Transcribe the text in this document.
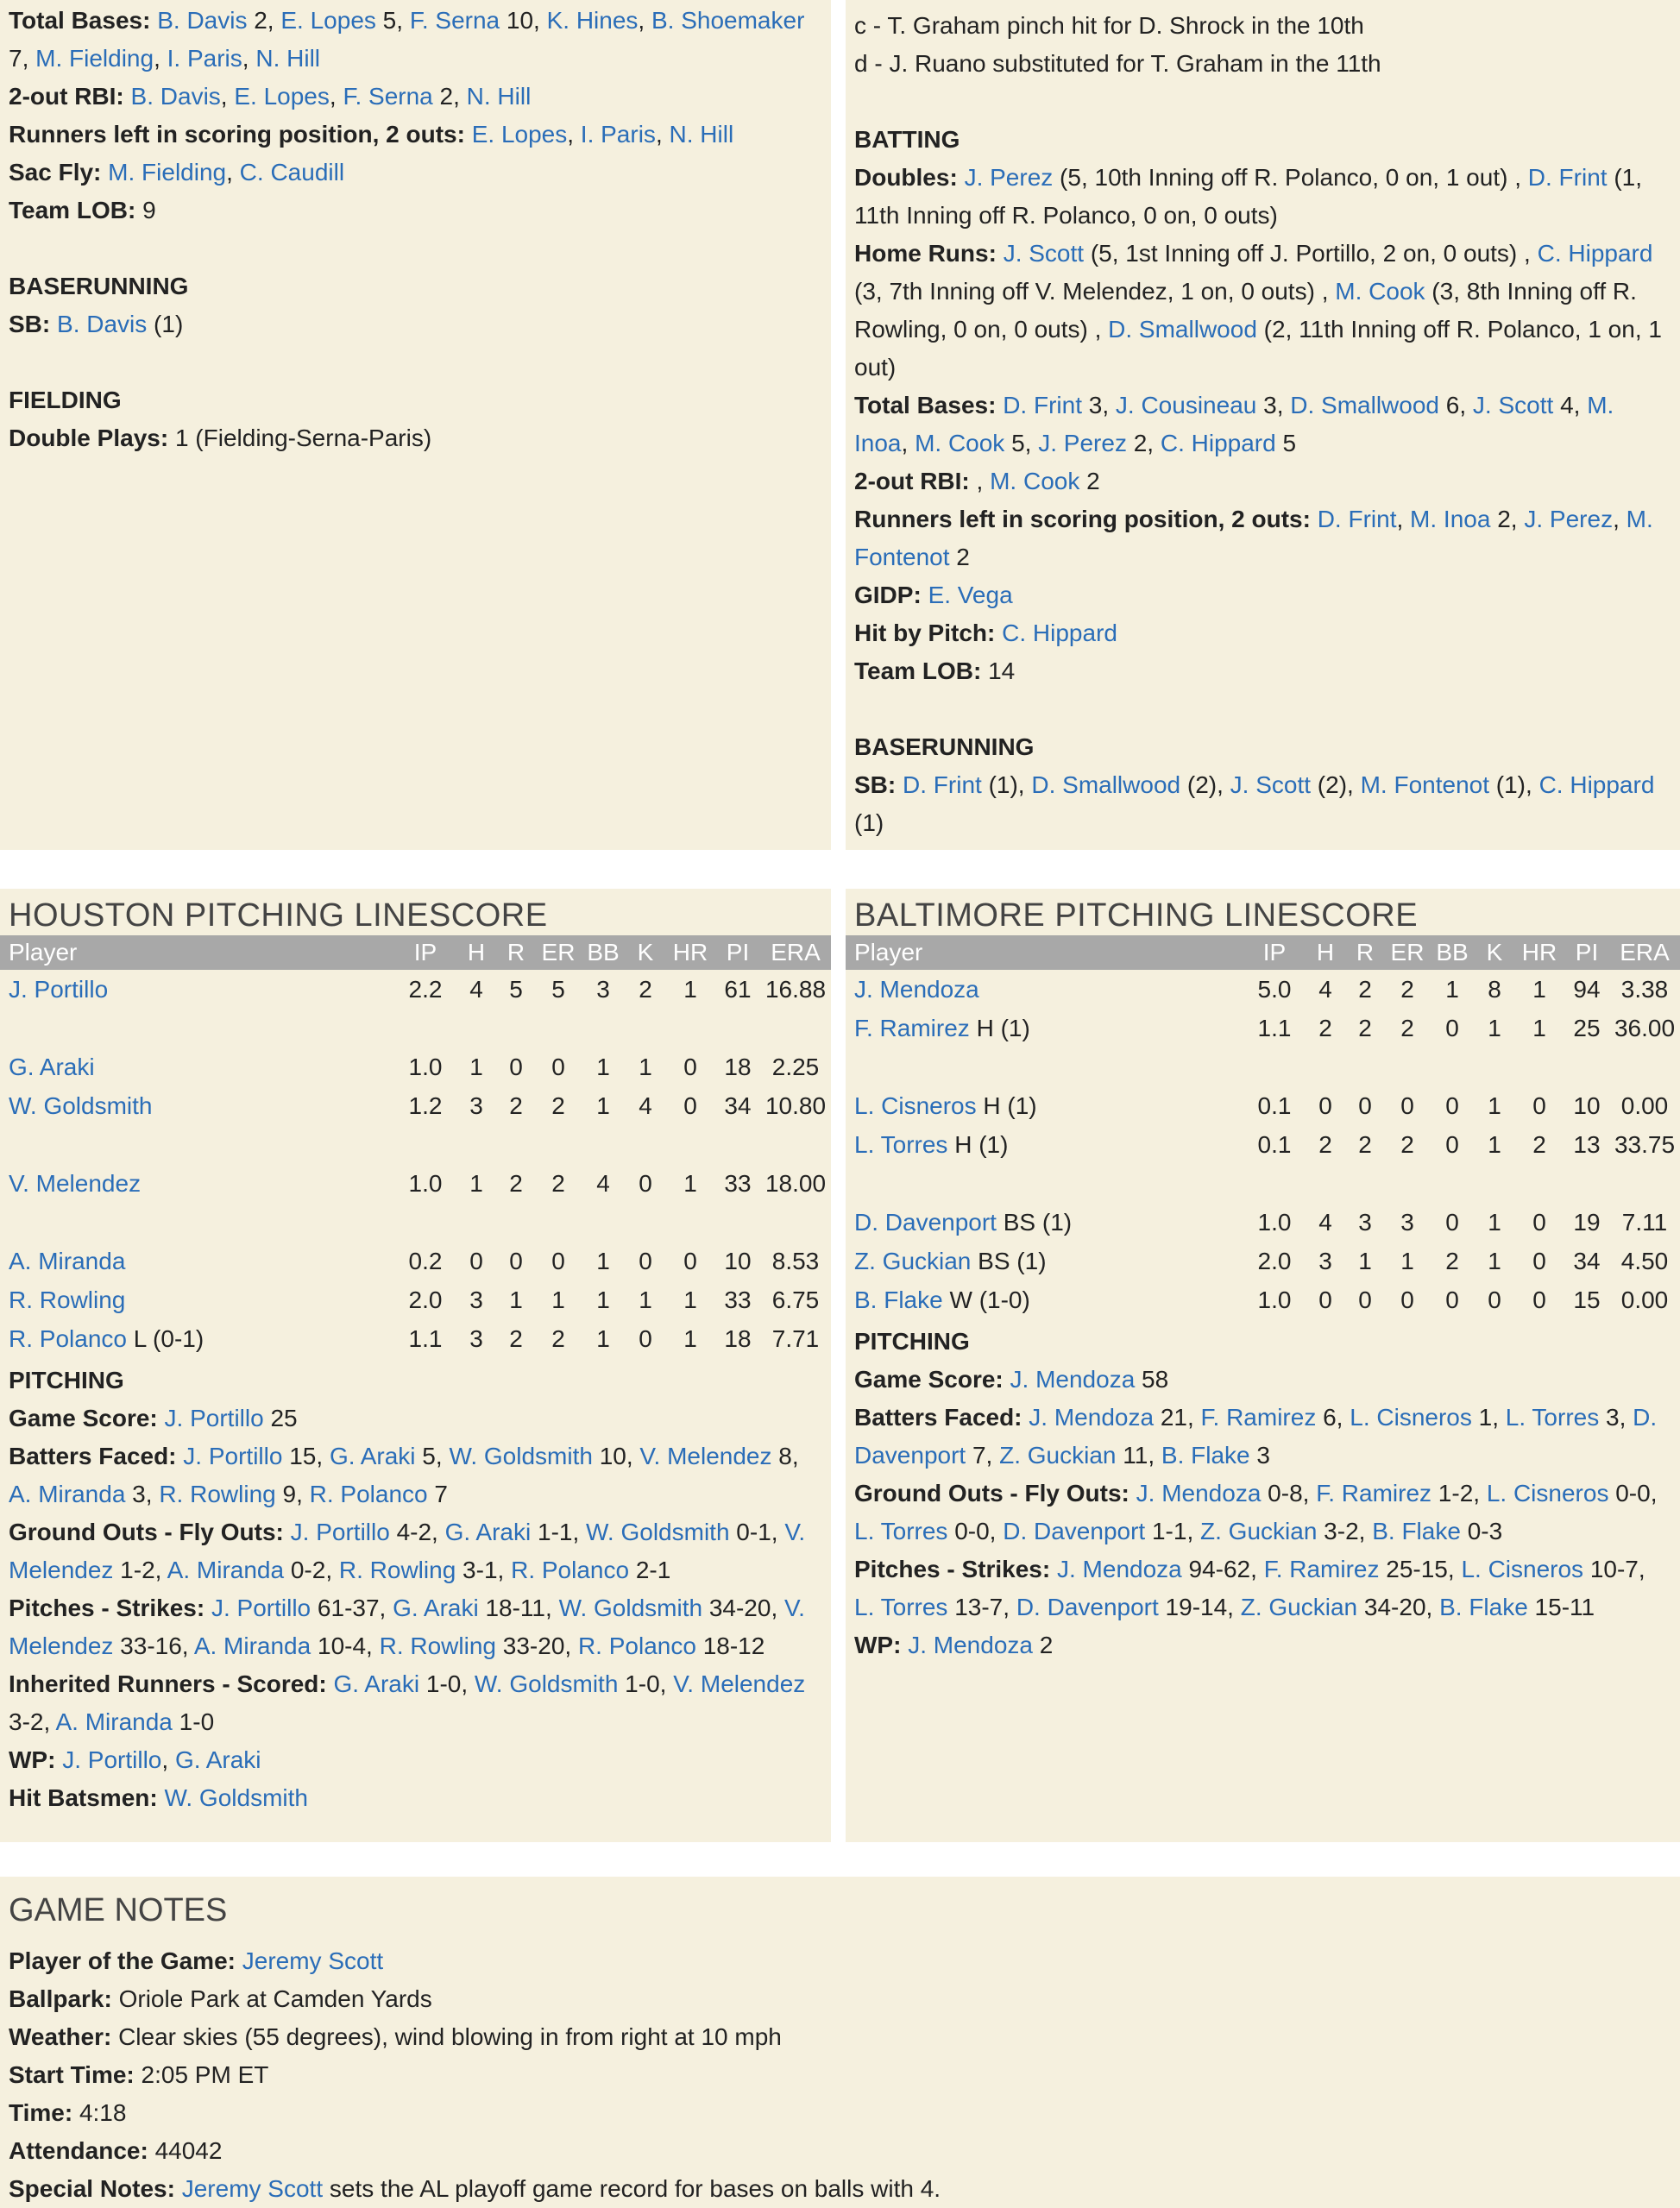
Total Bases: B. Davis 2, E. Lopes 5, F. Serna 10, K. Hines, B. Shoemaker 7, M. Fielding, I. Paris, N. Hill
2-out RBI: B. Davis, E. Lopes, F. Serna 2, N. Hill
Runners left in scoring position, 2 outs: E. Lopes, I. Paris, N. Hill
Sac Fly: M. Fielding, C. Caudill
Team LOB: 9
BASERUNNING
SB: B. Davis (1)
FIELDING
Double Plays: 1 (Fielding-Serna-Paris)
c - T. Graham pinch hit for D. Shrock in the 10th
d - J. Ruano substituted for T. Graham in the 11th
BATTING
Doubles: J. Perez (5, 10th Inning off R. Polanco, 0 on, 1 out) , D. Frint (1, 11th Inning off R. Polanco, 0 on, 0 outs)
Home Runs: J. Scott (5, 1st Inning off J. Portillo, 2 on, 0 outs) , C. Hippard (3, 7th Inning off V. Melendez, 1 on, 0 outs) , M. Cook (3, 8th Inning off R. Rowling, 0 on, 0 outs) , D. Smallwood (2, 11th Inning off R. Polanco, 1 on, 1 out)
Total Bases: D. Frint 3, J. Cousineau 3, D. Smallwood 6, J. Scott 4, M. Inoa, M. Cook 5, J. Perez 2, C. Hippard 5
2-out RBI: , M. Cook 2
Runners left in scoring position, 2 outs: D. Frint, M. Inoa 2, J. Perez, M. Fontenot 2
GIDP: E. Vega
Hit by Pitch: C. Hippard
Team LOB: 14
BASERUNNING
SB: D. Frint (1), D. Smallwood (2), J. Scott (2), M. Fontenot (1), C. Hippard (1)
HOUSTON PITCHING LINESCORE
Player	IP	H	R	ER	BB	K	HR	PI	ERA
J. Portillo	2.2	4	5	5	3	2	1	61	16.88

G. Araki	1.0	1	0	0	1	1	0	18	2.25
W. Goldsmith	1.2	3	2	2	1	4	0	34	10.80

V. Melendez	1.0	1	2	2	4	0	1	33	18.00

A. Miranda	0.2	0	0	0	1	0	0	10	8.53
R. Rowling	2.0	3	1	1	1	1	1	33	6.75
R. Polanco L (0-1)	1.1	3	2	2	1	0	1	18	7.71
PITCHING
Game Score: J. Portillo 25
Batters Faced: J. Portillo 15, G. Araki 5, W. Goldsmith 10, V. Melendez 8, A. Miranda 3, R. Rowling 9, R. Polanco 7
Ground Outs - Fly Outs: J. Portillo 4-2, G. Araki 1-1, W. Goldsmith 0-1, V. Melendez 1-2, A. Miranda 0-2, R. Rowling 3-1, R. Polanco 2-1
Pitches - Strikes: J. Portillo 61-37, G. Araki 18-11, W. Goldsmith 34-20, V. Melendez 33-16, A. Miranda 10-4, R. Rowling 33-20, R. Polanco 18-12
Inherited Runners - Scored: G. Araki 1-0, W. Goldsmith 1-0, V. Melendez 3-2, A. Miranda 1-0
WP: J. Portillo, G. Araki
Hit Batsmen: W. Goldsmith
BALTIMORE PITCHING LINESCORE
Player	IP	H	R	ER	BB	K	HR	PI	ERA
J. Mendoza	5.0	4	2	2	1	8	1	94	3.38
F. Ramirez H (1)	1.1	2	2	2	0	1	1	25	36.00

L. Cisneros H (1)	0.1	0	0	0	0	1	0	10	0.00
L. Torres H (1)	0.1	2	2	2	0	1	2	13	33.75

D. Davenport BS (1)	1.0	4	3	3	0	1	0	19	7.11
Z. Guckian BS (1)	2.0	3	1	1	2	1	0	34	4.50
B. Flake W (1-0)	1.0	0	0	0	0	0	0	15	0.00
PITCHING
Game Score: J. Mendoza 58
Batters Faced: J. Mendoza 21, F. Ramirez 6, L. Cisneros 1, L. Torres 3, D. Davenport 7, Z. Guckian 11, B. Flake 3
Ground Outs - Fly Outs: J. Mendoza 0-8, F. Ramirez 1-2, L. Cisneros 0-0, L. Torres 0-0, D. Davenport 1-1, Z. Guckian 3-2, B. Flake 0-3
Pitches - Strikes: J. Mendoza 94-62, F. Ramirez 25-15, L. Cisneros 10-7, L. Torres 13-7, D. Davenport 19-14, Z. Guckian 34-20, B. Flake 15-11
WP: J. Mendoza 2
GAME NOTES
Player of the Game: Jeremy Scott
Ballpark: Oriole Park at Camden Yards
Weather: Clear skies (55 degrees), wind blowing in from right at 10 mph
Start Time: 2:05 PM ET
Time: 4:18
Attendance: 44042
Special Notes: Jeremy Scott sets the AL playoff game record for bases on balls with 4.
